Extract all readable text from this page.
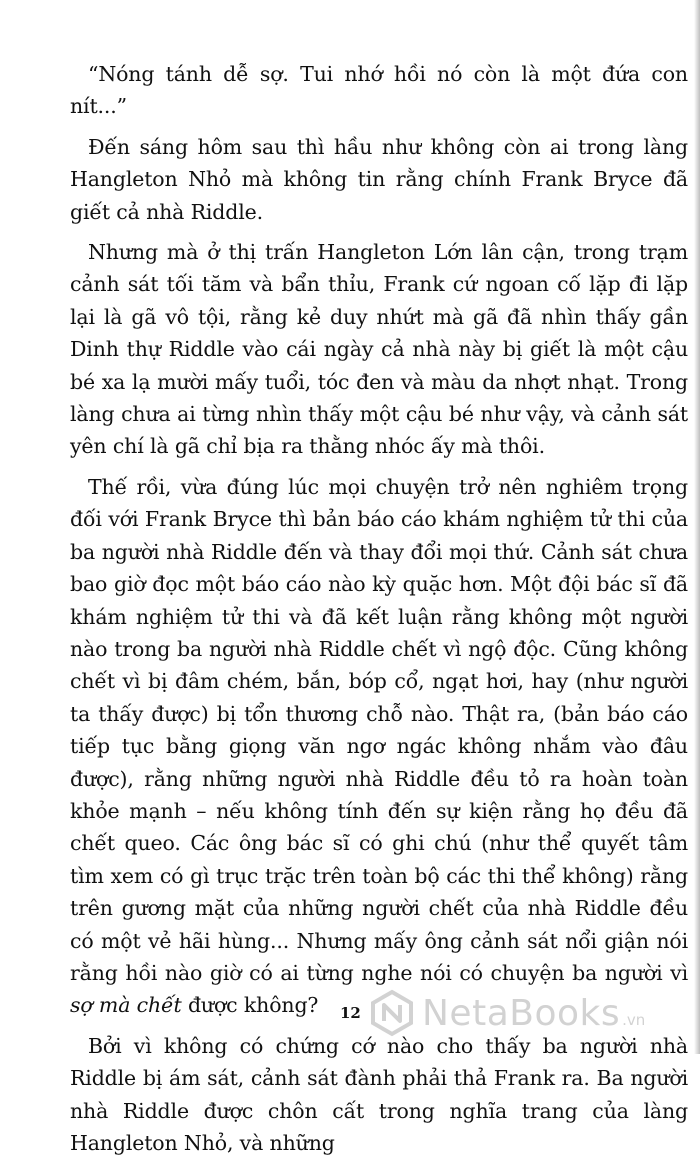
“Nóng tánh dễ sợ. Tui nhớ hồi nó còn là một đứa con nít...”

Đến sáng hôm sau thì hầu như không còn ai trong làng Hangleton Nhỏ mà không tin rằng chính Frank Bryce đã giết cả nhà Riddle.

Nhưng mà ở thị trấn Hangleton Lớn lân cận, trong trạm cảnh sát tối tăm và bẩn thỉu, Frank cứ ngoan cố lặp đi lặp lại là gã vô tội, rằng kẻ duy nhứt mà gã đã nhìn thấy gần Dinh thự Riddle vào cái ngày cả nhà này bị giết là một cậu bé xa lạ mười mấy tuổi, tóc đen và màu da nhợt nhạt. Trong làng chưa ai từng nhìn thấy một cậu bé như vậy, và cảnh sát yên chí là gã chỉ bịa ra thằng nhóc ấy mà thôi.

Thế rồi, vừa đúng lúc mọi chuyện trở nên nghiêm trọng đối với Frank Bryce thì bản báo cáo khám nghiệm tử thi của ba người nhà Riddle đến và thay đổi mọi thứ. Cảnh sát chưa bao giờ đọc một báo cáo nào kỳ quặc hơn. Một đội bác sĩ đã khám nghiệm tử thi và đã kết luận rằng không một người nào trong ba người nhà Riddle chết vì ngộ độc. Cũng không chết vì bị đâm chém, bắn, bóp cổ, ngạt hơi, hay (như người ta thấy được) bị tổn thương chỗ nào. Thật ra, (bản báo cáo tiếp tục bằng giọng văn ngơ ngác không nhắm vào đâu được), rằng những người nhà Riddle đều tỏ ra hoàn toàn khỏe mạnh – nếu không tính đến sự kiện rằng họ đều đã chết queo. Các ông bác sĩ có ghi chú (như thể quyết tâm tìm xem có gì trục trặc trên toàn bộ các thi thể không) rằng trên gương mặt của những người chết của nhà Riddle đều có một vẻ hãi hùng... Nhưng mấy ông cảnh sát nổi giận nói rằng hồi nào giờ có ai từng nghe nói có chuyện ba người vì sợ mà chết được không?

Bởi vì không có chứng cớ nào cho thấy ba người nhà Riddle bị ám sát, cảnh sát đành phải thả Frank ra. Ba người nhà Riddle được chôn cất trong nghĩa trang của làng Hangleton Nhỏ, và những

12 NetaBooks .vn
